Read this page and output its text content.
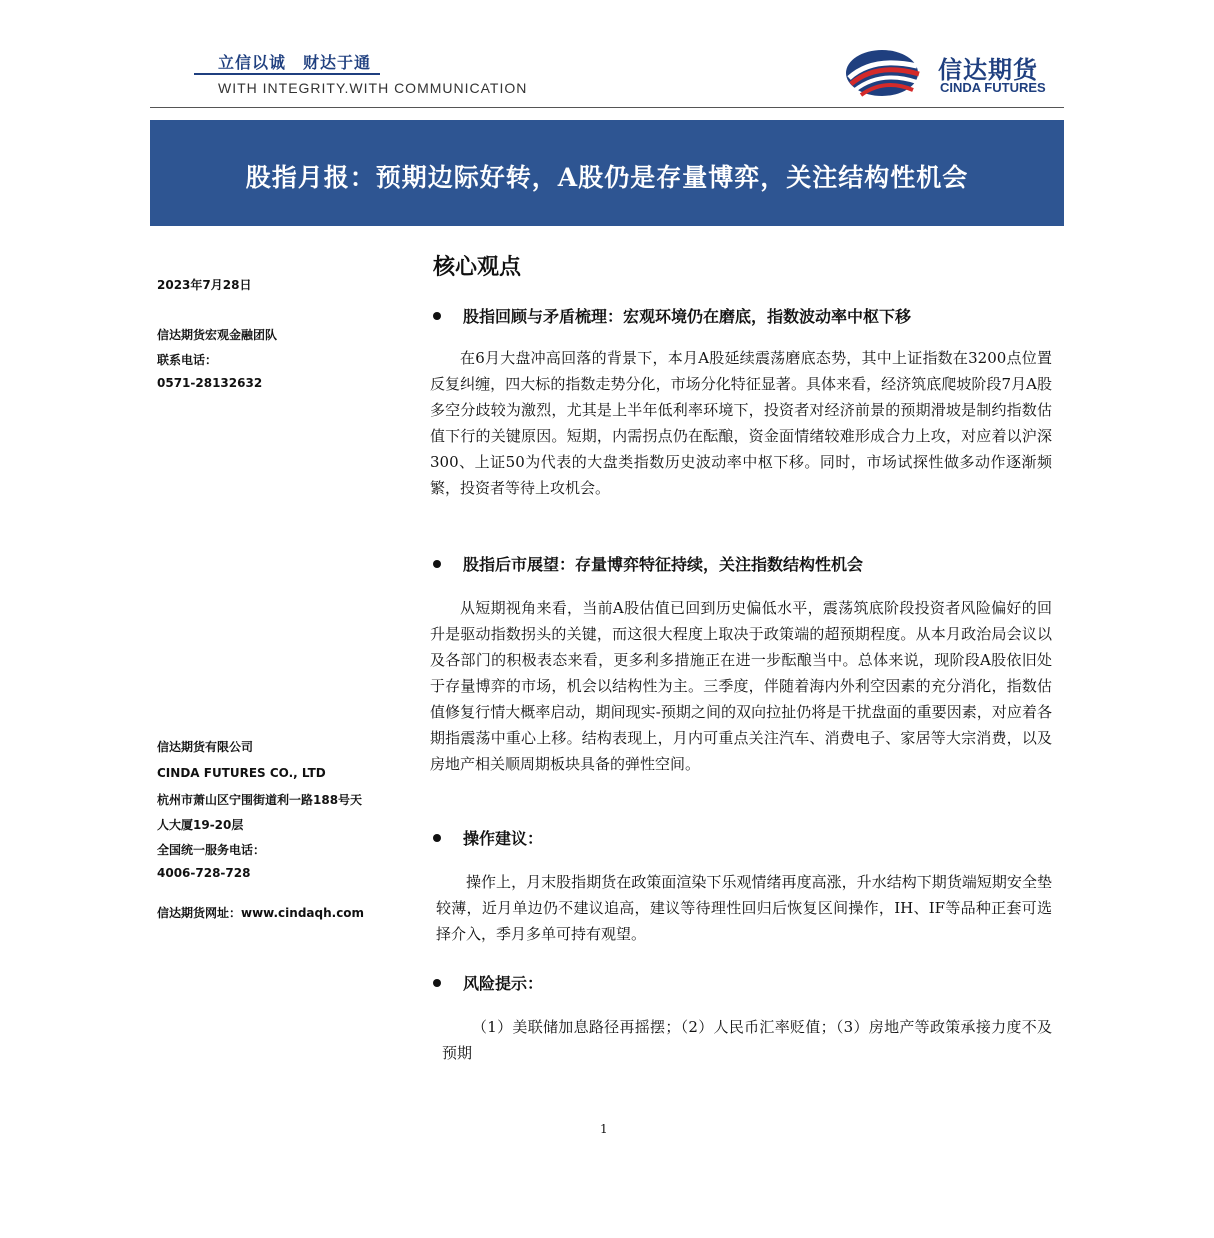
立信以诚　财达于通
WITH INTEGRITY.WITH COMMUNICATION
信达期货
CINDA FUTURES
股指月报：预期边际好转，A股仍是存量博弈，关注结构性机会
2023年7月28日
信达期货宏观金融团队
联系电话：
0571-28132632
信达期货有限公司
CINDA FUTURES CO., LTD
杭州市萧山区宁围街道利一路188号天
人大厦19-20层
全国统一服务电话：
4006-728-728
信达期货网址：www.cindaqh.com
核心观点
股指回顾与矛盾梳理：宏观环境仍在磨底，指数波动率中枢下移
在6月大盘冲高回落的背景下，本月A股延续震荡磨底态势，其中上证指数在3200点位置反复纠缠，四大标的指数走势分化，市场分化特征显著。具体来看，经济筑底爬坡阶段7月A股多空分歧较为激烈，尤其是上半年低利率环境下，投资者对经济前景的预期滑坡是制约指数估值下行的关键原因。短期，内需拐点仍在酝酿，资金面情绪较难形成合力上攻，对应着以沪深300、上证50为代表的大盘类指数历史波动率中枢下移。同时，市场试探性做多动作逐渐频繁，投资者等待上攻机会。
股指后市展望：存量博弈特征持续，关注指数结构性机会
从短期视角来看，当前A股估值已回到历史偏低水平，震荡筑底阶段投资者风险偏好的回升是驱动指数拐头的关键，而这很大程度上取决于政策端的超预期程度。从本月政治局会议以及各部门的积极表态来看，更多利多措施正在进一步酝酿当中。总体来说，现阶段A股依旧处于存量博弈的市场，机会以结构性为主。三季度，伴随着海内外利空因素的充分消化，指数估值修复行情大概率启动，期间现实-预期之间的双向拉扯仍将是干扰盘面的重要因素，对应着各期指震荡中重心上移。结构表现上，月内可重点关注汽车、消费电子、家居等大宗消费，以及房地产相关顺周期板块具备的弹性空间。
操作建议：
操作上，月末股指期货在政策面渲染下乐观情绪再度高涨，升水结构下期货端短期安全垫较薄，近月单边仍不建议追高，建议等待理性回归后恢复区间操作，IH、IF等品种正套可选择介入，季月多单可持有观望。
风险提示：
（1）美联储加息路径再摇摆；（2）人民币汇率贬值；（3）房地产等政策承接力度不及预期
1
